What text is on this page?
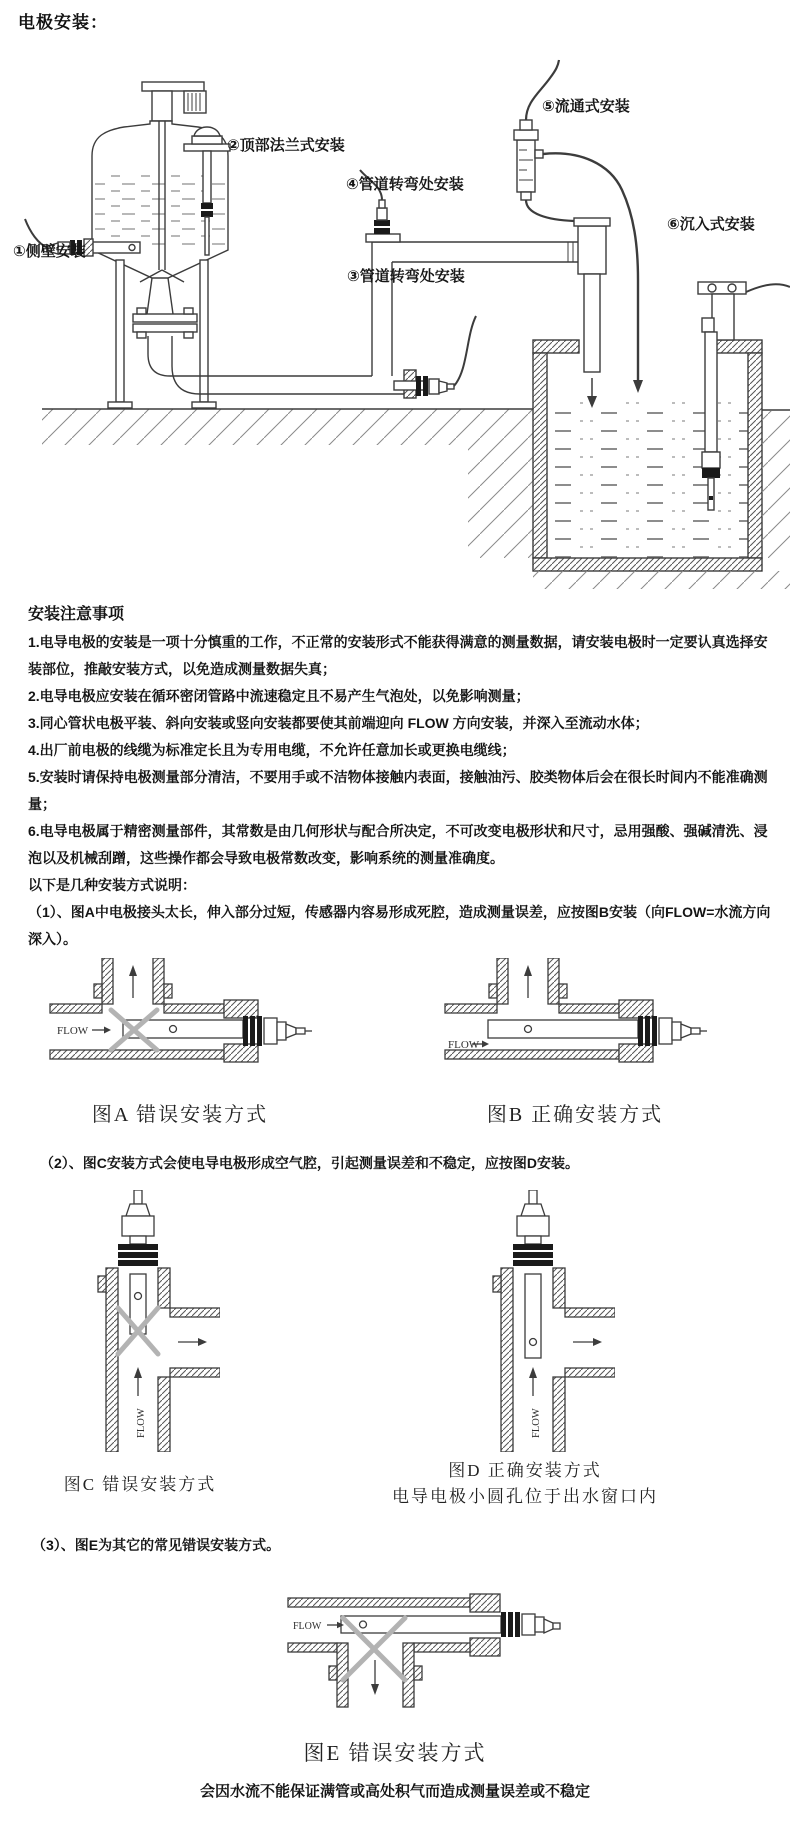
电极安装：
①侧壁安装
②顶部法兰式安装
③管道转弯处安装
④管道转弯处安装
⑤流通式安装
⑥沉入式安装
安装注意事项

1.电导电极的安装是一项十分慎重的工作，不正常的安装形式不能获得满意的测量数据，请安装电极时一定要认真选择安装部位，推敲安装方式，以免造成测量数据失真；

2.电导电极应安装在循环密闭管路中流速稳定且不易产生气泡处，以免影响测量；

3.同心管状电极平装、斜向安装或竖向安装都要使其前端迎向 FLOW 方向安装，并深入至流动水体；

4.出厂前电极的线缆为标准定长且为专用电缆，不允许任意加长或更换电缆线；

5.安装时请保持电极测量部分清洁，不要用手或不洁物体接触内表面，接触油污、胶类物体后会在很长时间内不能准确测量；

6.电导电极属于精密测量部件，其常数是由几何形状与配合所决定，不可改变电极形状和尺寸，忌用强酸、强碱清洗、浸泡以及机械刮蹭，这些操作都会导致电极常数改变，影响系统的测量准确度。

以下是几种安装方式说明：

（1）、图A中电极接头太长，伸入部分过短，传感器内容易形成死腔，造成测量误差，应按图B安装（向FLOW=水流方向深入）。

FLOW
FLOW
图A 错误安装方式	图B 正确安装方式

（2）、图C安装方式会使电导电极形成空气腔，引起测量误差和不稳定，应按图D安装。

FLOW	FLOW
图C 错误安装方式
图D 正确安装方式
电导电极小圆孔位于出水窗口内

（3）、图E为其它的常见错误安装方式。

FLOW
图E 错误安装方式
会因水流不能保证满管或高处积气而造成测量误差或不稳定
